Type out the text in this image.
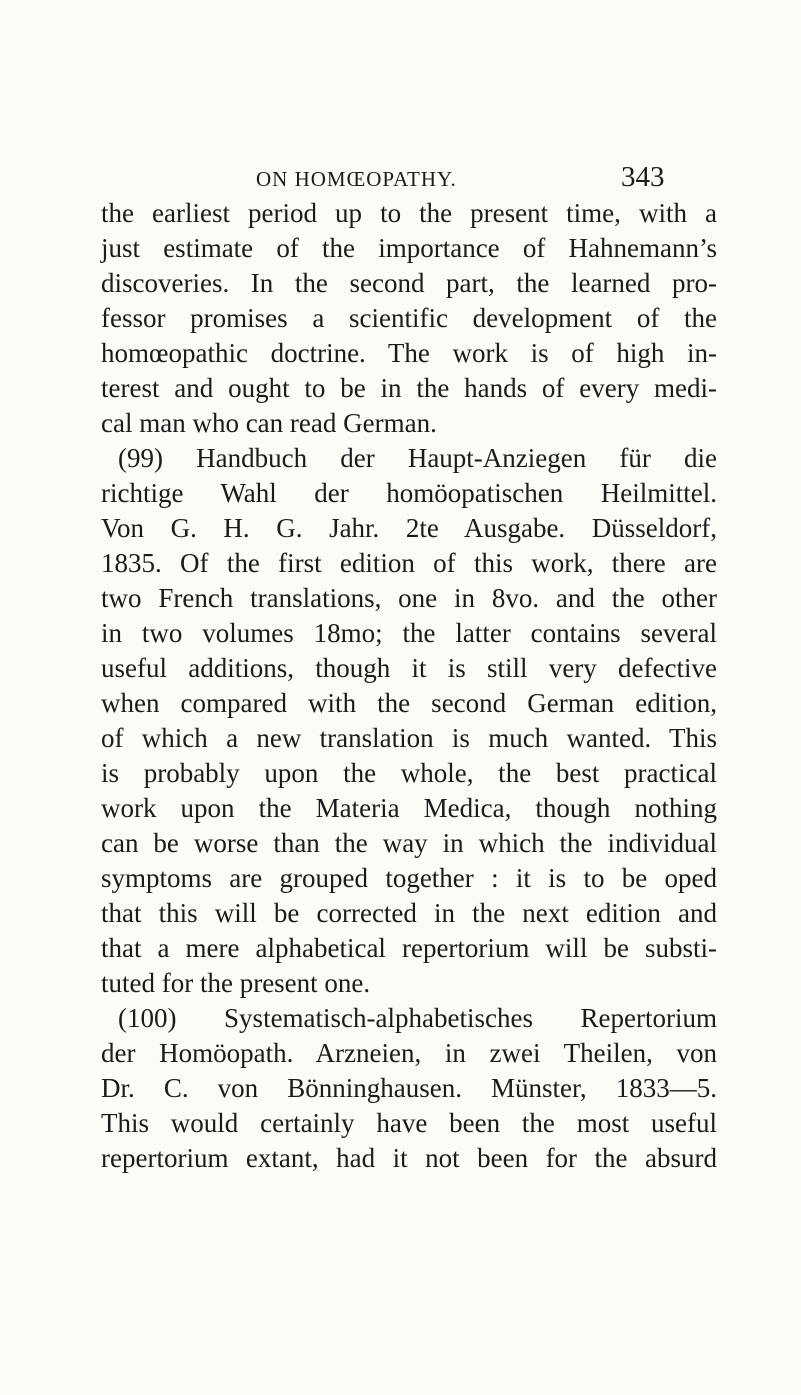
ON HOMŒOPATHY.	343
the earliest period up to the present time, with a
just estimate of the importance of Hahnemann’s
discoveries. In the second part, the learned pro-
fessor promises a scientific development of the
homœopathic doctrine. The work is of high in-
terest and ought to be in the hands of every medi-
cal man who can read German.
(99) Handbuch der Haupt-Anziegen für die
richtige Wahl der homöopatischen Heilmittel.
Von G. H. G. Jahr. 2te Ausgabe. Düsseldorf,
1835. Of the first edition of this work, there are
two French translations, one in 8vo. and the other
in two volumes 18mo; the latter contains several
useful additions, though it is still very defective
when compared with the second German edition,
of which a new translation is much wanted. This
is probably upon the whole, the best practical
work upon the Materia Medica, though nothing
can be worse than the way in which the individual
symptoms are grouped together : it is to be oped
that this will be corrected in the next edition and
that a mere alphabetical repertorium will be substi-
tuted for the present one.
(100) Systematisch-alphabetisches Repertorium
der Homöopath. Arzneien, in zwei Theilen, von
Dr. C. von Bönninghausen. Münster, 1833—5.
This would certainly have been the most useful
repertorium extant, had it not been for the absurd
